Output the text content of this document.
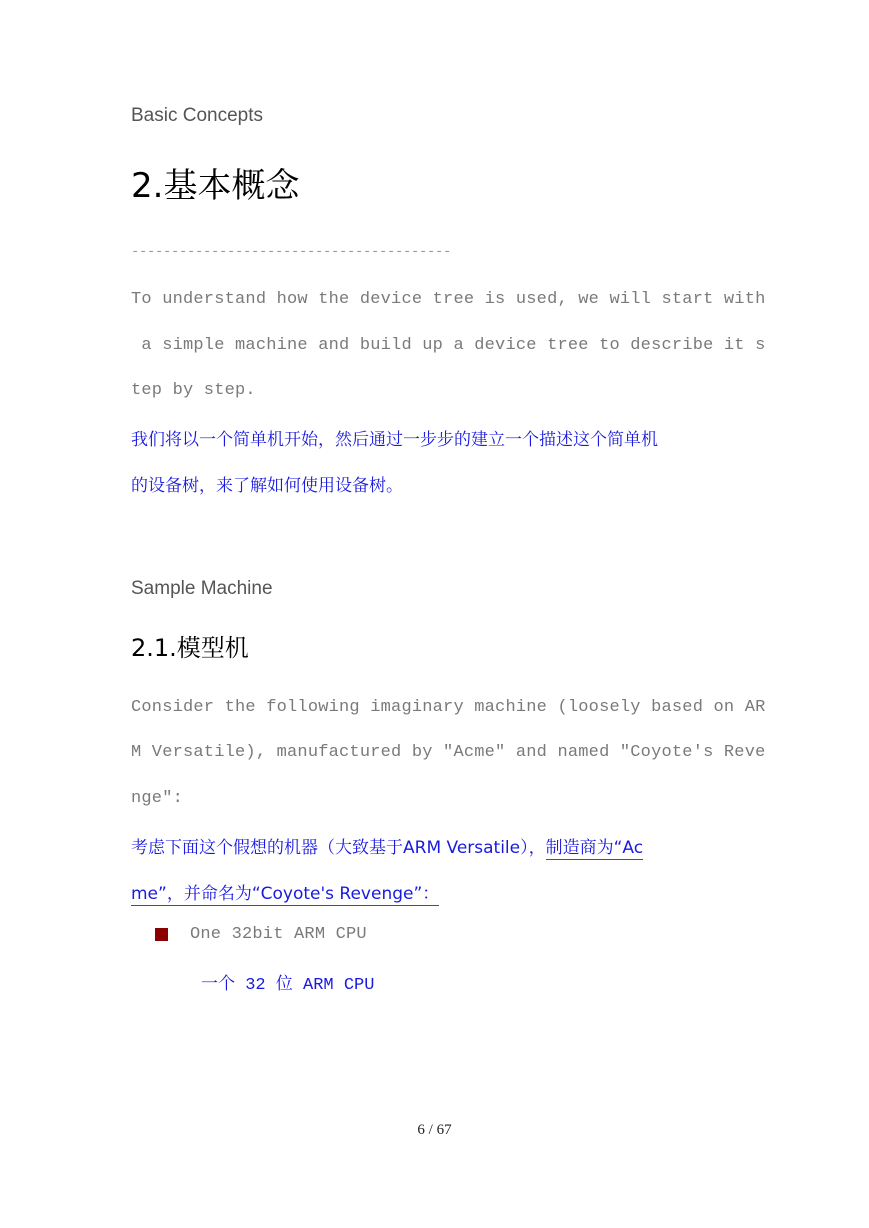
Basic Concepts
2.基本概念
----------------------------------------
To understand how the device tree is used, we will start with
a simple machine and build up a device tree to describe it s
tep by step.
我们将以一个简单机开始，然后通过一步步的建立一个描述这个简单机
的设备树，来了解如何使用设备树。
Sample Machine
2.1.模型机
Consider the following imaginary machine (loosely based on AR
M Versatile), manufactured by "Acme" and named "Coyote's Reve
nge":
考虑下面这个假想的机器（大致基于ARM Versatile），制造商为“Ac
me”，并命名为“Coyote's Revenge”：
One 32bit ARM CPU
一个 32 位 ARM CPU
6 / 67
